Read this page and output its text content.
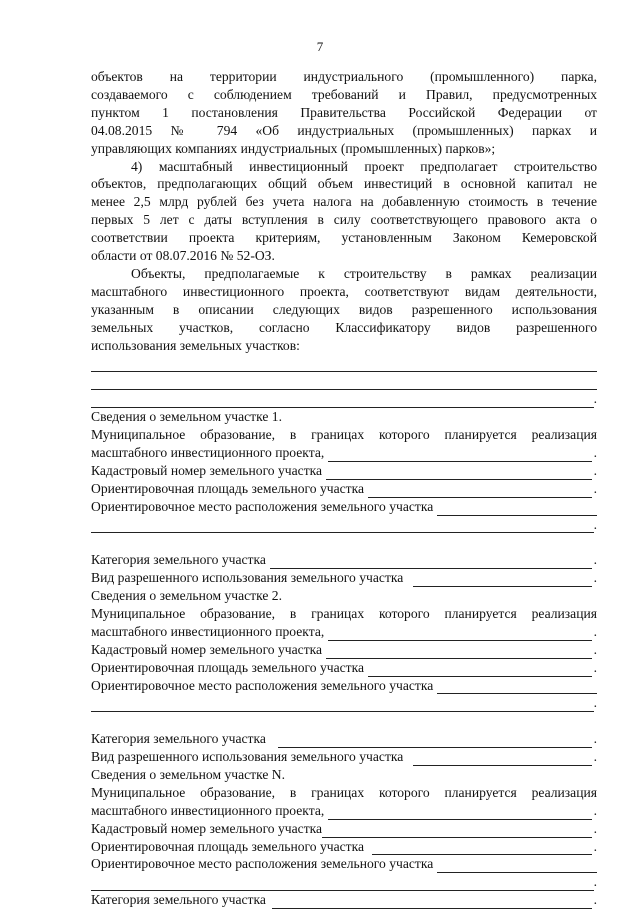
7

объектов на территории индустриального (промышленного) парка,

создаваемого с соблюдением требований и Правил, предусмотренных

пунктом 1 постановления Правительства Российской Федерации от

04.08.2015 № 794 «Об индустриальных (промышленных) парках и

управляющих компаниях индустриальных (промышленных) парков»;

4) масштабный инвестиционный проект предполагает строительство

объектов, предполагающих общий объем инвестиций в основной капитал не

менее 2,5 млрд рублей без учета налога на добавленную стоимость в течение

первых 5 лет с даты вступления в силу соответствующего правового акта о

соответствии проекта критериям, установленным Законом Кемеровской

области от 08.07.2016 № 52-ОЗ.

Объекты, предполагаемые к строительству в рамках реализации

масштабного инвестиционного проекта, соответствуют видам деятельности,

указанным в описании следующих видов разрешенного использования

земельных участков, согласно Классификатору видов разрешенного

использования земельных участков:

.

Сведения о земельном участке 1.

Муниципальное образование, в границах которого планируется реализация

масштабного инвестиционного проекта,	.
Кадастровый номер земельного участка	.
Ориентировочная площадь земельного участка	.
Ориентировочное место расположения земельного участка
.
Категория земельного участка	.
Вид разрешенного использования земельного участка	.

Сведения о земельном участке 2.

Муниципальное образование, в границах которого планируется реализация

масштабного инвестиционного проекта,	.
Кадастровый номер земельного участка	.
Ориентировочная площадь земельного участка	.
Ориентировочное место расположения земельного участка
.
Категория земельного участка	.
Вид разрешенного использования земельного участка	.

Сведения о земельном участке N.

Муниципальное образование, в границах которого планируется реализация

масштабного инвестиционного проекта,	.
Кадастровый номер земельного участка	.
Ориентировочная площадь земельного участка	.
Ориентировочное место расположения земельного участка
.
Категория земельного участка	.
